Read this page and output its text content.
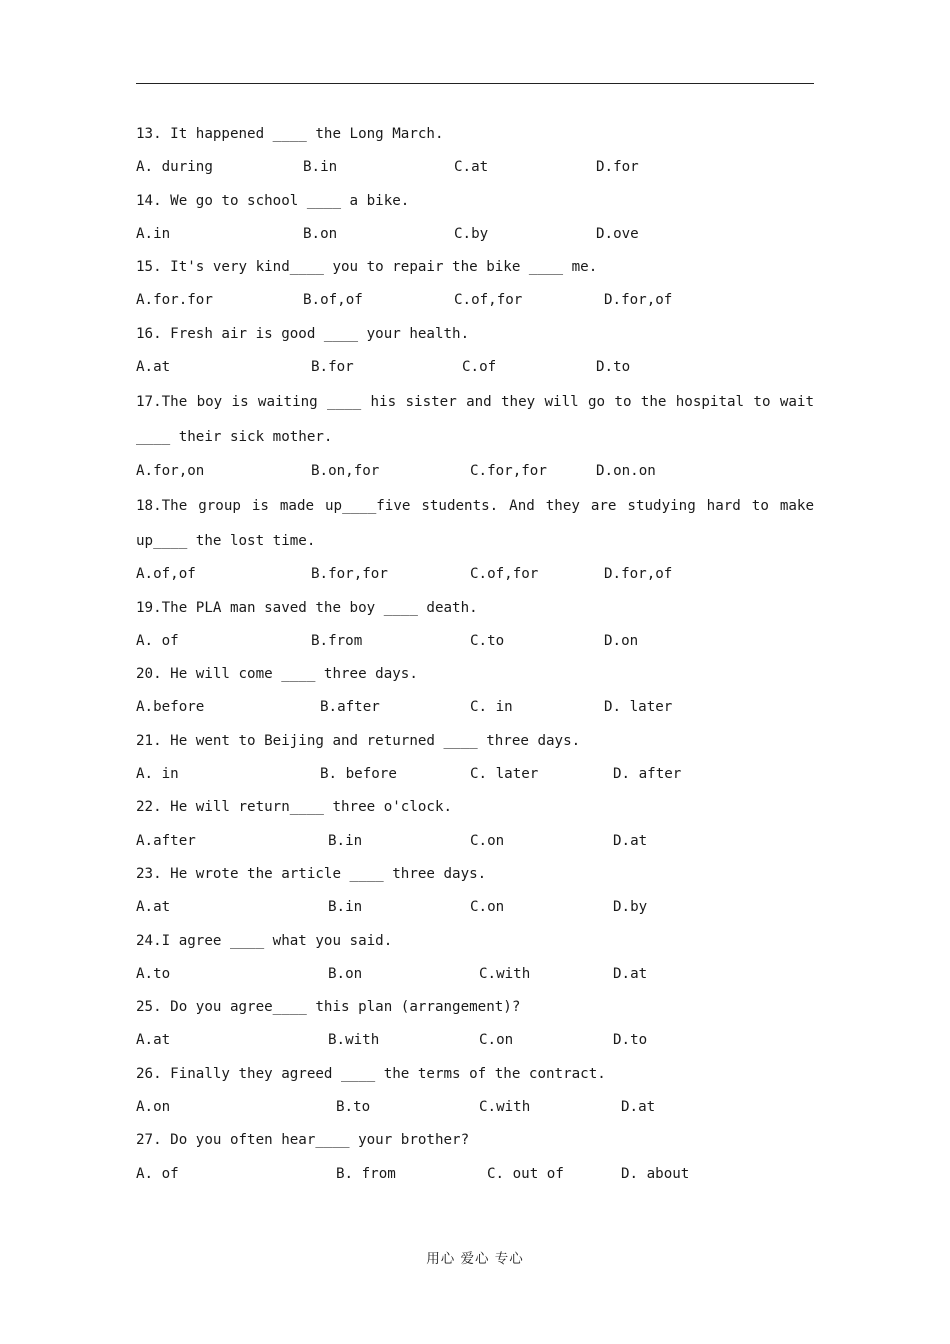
13. It happened ____ the Long March.
A. during	B.in	C.at	D.for
14. We go to school ____ a bike.
A.in	B.on	C.by	D.ove
15. It's very kind____ you to repair the bike ____ me.
A.for.for	B.of,of	C.of,for	D.for,of
16. Fresh air is good ____ your health.
A.at	B.for	C.of	D.to
17.The boy is waiting ____ his sister and they will go to the hospital to wait
____ their sick mother.
A.for,on	B.on,for	C.for,for	D.on.on
18.The group is made up____five students. And they are studying hard to make
up____ the lost time.
A.of,of	B.for,for	C.of,for	D.for,of
19.The PLA man saved the boy ____ death.
A. of	B.from	C.to	D.on
20. He will come ____ three days.
A.before	B.after	C. in	D. later
21. He went to Beijing and returned ____ three days.
A. in	B. before	C. later	D. after
22. He will return____ three o'clock.
A.after	B.in	C.on	D.at
23. He wrote the article ____ three days.
A.at	B.in	C.on	D.by
24.I agree ____ what you said.
A.to	B.on	C.with	D.at
25. Do you agree____ this plan (arrangement)?
A.at	B.with	C.on	D.to
26. Finally they agreed ____ the terms of the contract.
A.on	B.to	C.with	D.at
27. Do you often hear____ your brother?
A. of	B. from	C. out of	D. about
用心 爱心 专心
